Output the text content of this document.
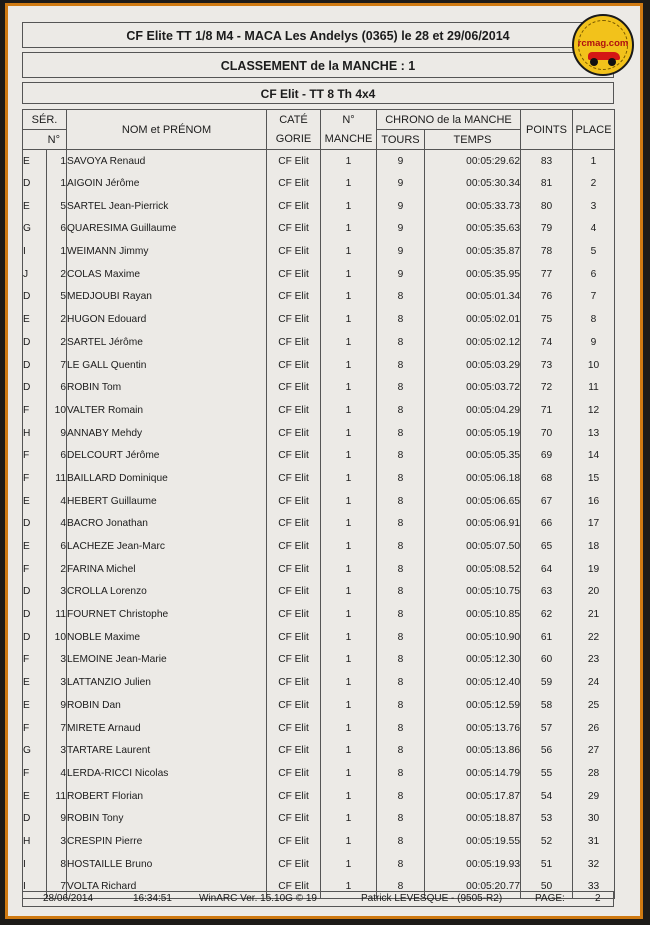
CF Elite TT 1/8 M4 - MACA Les Andelys (0365) le 28 et 29/06/2014
CLASSEMENT de la MANCHE : 1
CF Elit - TT 8 Th 4x4
rcmag.com
SÉR.		NOM et PRÉNOM	CATÉ	N°	CHRONO de la MANCHE		POINTS	PLACE
N°			GORIE	MANCHE	TOURS	TEMPS		
E	1	SAVOYA Renaud	CF Elit	1	9	00:05:29.62	83	1
D	1	AIGOIN Jérôme	CF Elit	1	9	00:05:30.34	81	2
E	5	SARTEL Jean-Pierrick	CF Elit	1	9	00:05:33.73	80	3
G	6	QUARESIMA Guillaume	CF Elit	1	9	00:05:35.63	79	4
I	1	WEIMANN Jimmy	CF Elit	1	9	00:05:35.87	78	5
J	2	COLAS Maxime	CF Elit	1	9	00:05:35.95	77	6
D	5	MEDJOUBI Rayan	CF Elit	1	8	00:05:01.34	76	7
E	2	HUGON Edouard	CF Elit	1	8	00:05:02.01	75	8
D	2	SARTEL Jérôme	CF Elit	1	8	00:05:02.12	74	9
D	7	LE GALL Quentin	CF Elit	1	8	00:05:03.29	73	10
D	6	ROBIN Tom	CF Elit	1	8	00:05:03.72	72	11
F	10	VALTER Romain	CF Elit	1	8	00:05:04.29	71	12
H	9	ANNABY Mehdy	CF Elit	1	8	00:05:05.19	70	13
F	6	DELCOURT Jérôme	CF Elit	1	8	00:05:05.35	69	14
F	11	BAILLARD Dominique	CF Elit	1	8	00:05:06.18	68	15
E	4	HEBERT Guillaume	CF Elit	1	8	00:05:06.65	67	16
D	4	BACRO Jonathan	CF Elit	1	8	00:05:06.91	66	17
E	6	LACHEZE Jean-Marc	CF Elit	1	8	00:05:07.50	65	18
F	2	FARINA Michel	CF Elit	1	8	00:05:08.52	64	19
D	3	CROLLA Lorenzo	CF Elit	1	8	00:05:10.75	63	20
D	11	FOURNET Christophe	CF Elit	1	8	00:05:10.85	62	21
D	10	NOBLE Maxime	CF Elit	1	8	00:05:10.90	61	22
F	3	LEMOINE Jean-Marie	CF Elit	1	8	00:05:12.30	60	23
E	3	LATTANZIO Julien	CF Elit	1	8	00:05:12.40	59	24
E	9	ROBIN Dan	CF Elit	1	8	00:05:12.59	58	25
F	7	MIRETE Arnaud	CF Elit	1	8	00:05:13.76	57	26
G	3	TARTARE Laurent	CF Elit	1	8	00:05:13.86	56	27
F	4	LERDA-RICCI Nicolas	CF Elit	1	8	00:05:14.79	55	28
E	11	ROBERT Florian	CF Elit	1	8	00:05:17.87	54	29
D	9	ROBIN Tony	CF Elit	1	8	00:05:18.87	53	30
H	3	CRESPIN Pierre	CF Elit	1	8	00:05:19.55	52	31
I	8	HOSTAILLE Bruno	CF Elit	1	8	00:05:19.93	51	32
I	7	VOLTA Richard	CF Elit	1	8	00:05:20.77	50	33
28/06/2014	16:34:51	WinARC Ver. 15.10G © 19	Patrick LEVESQUE - (9505-R2)	PAGE:	2
